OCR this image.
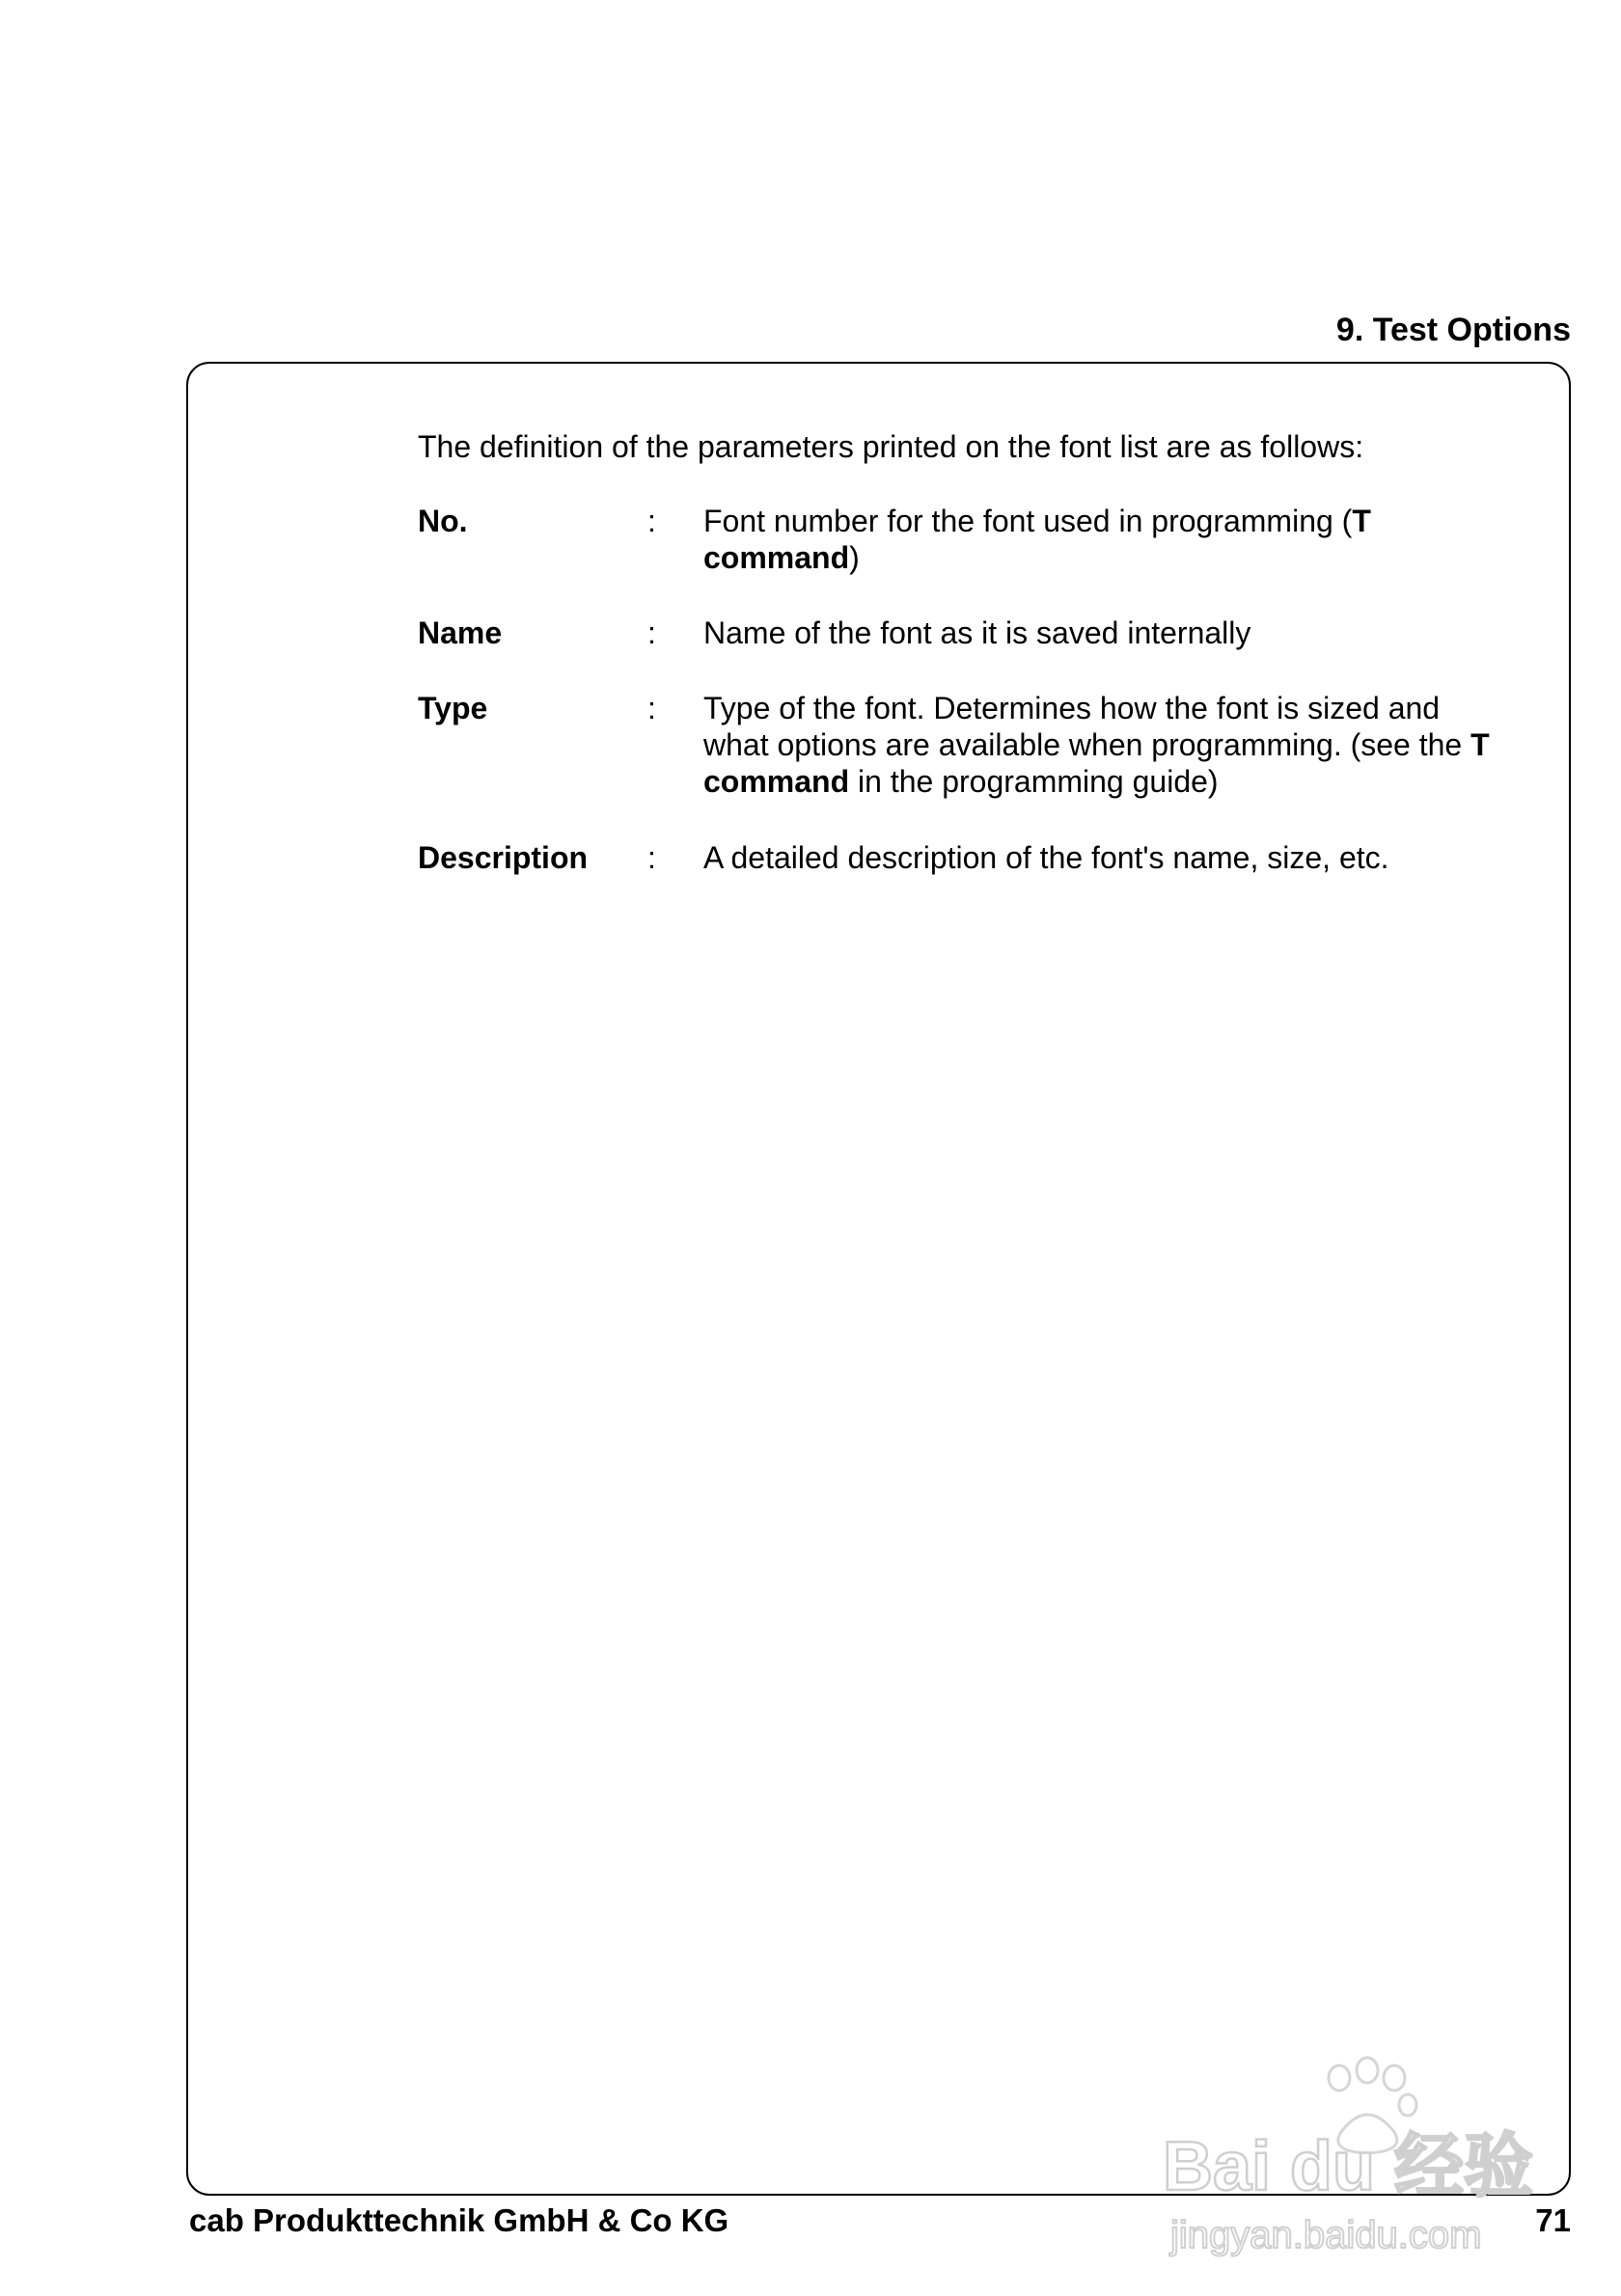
9. Test Options
The definition of the parameters printed on the font list are as follows:
No.	: Font number for the font used in programming (T command)
Name	: Name of the font as it is saved internally
Type	: Type of the font. Determines how the font is sized and what options are available when programming. (see the T command in the programming guide)
Description : A detailed description of the font's name, size, etc.
Bai du 经验
jingyan.baidu.com
cab Produkttechnik GmbH & Co KG	71
